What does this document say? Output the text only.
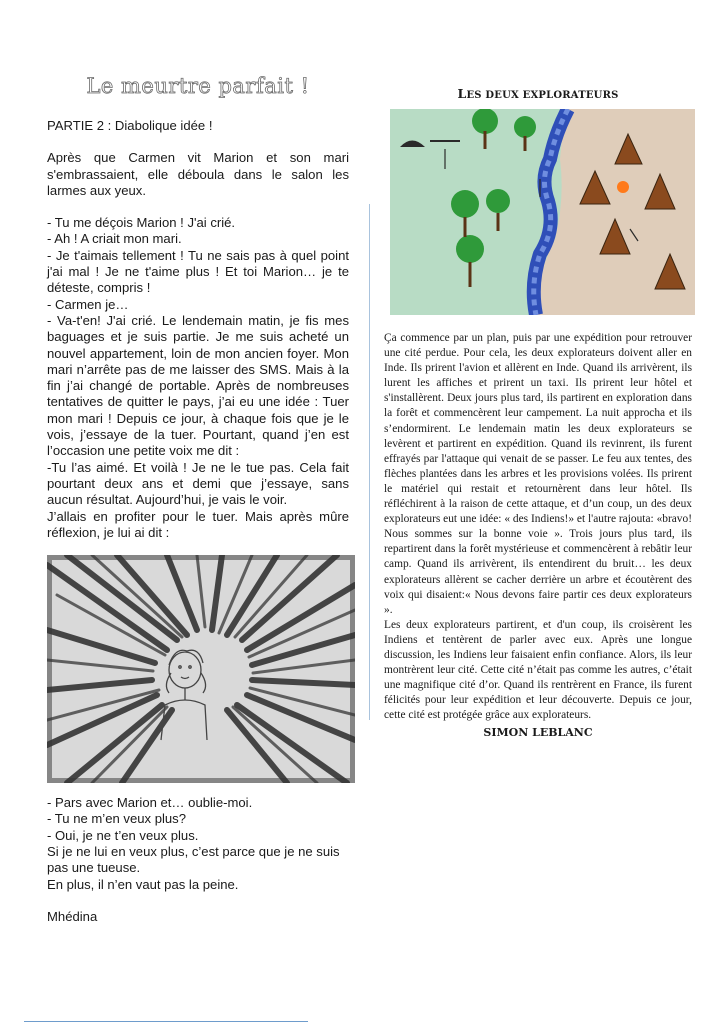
Le meurtre parfait !

PARTIE 2 : Diabolique idée !

Après que Carmen vit Marion et son mari s'embrassaient, elle déboula dans le salon les larmes aux yeux.

- Tu me déçois Marion ! J'ai crié.

- Ah ! A criait mon mari.

- Je t'aimais tellement ! Tu ne sais pas à quel point j'ai mal ! Je ne t'aime plus ! Et toi Marion… je te déteste, compris !

- Carmen je…

- Va-t'en! J'ai crié. Le lendemain matin, je fis mes baguages et je suis partie. Je me suis acheté un nouvel appartement, loin de mon ancien foyer. Mon mari n’arrête pas de me laisser des SMS. Mais à la fin j’ai changé de portable. Après de nombreuses tentatives de quitter le pays, j’ai eu une idée : Tuer mon mari ! Depuis ce jour, à chaque fois que je le vois, j’essaye de la tuer. Pourtant, quand j’en est l’occasion une petite voix me dit :

-Tu l’as aimé. Et voilà ! Je ne le tue pas. Cela fait pourtant deux ans et demi que j’essaye, sans aucun résultat. Aujourd’hui, je vais le voir.

J’allais en profiter pour le tuer. Mais après mûre réflexion, je lui ai dit :

- Pars avec Marion et… oublie-moi.

- Tu ne m’en veux plus?

- Oui, je ne t’en veux plus.

Si je ne lui en veux plus, c’est parce que je ne suis pas une tueuse.

En plus, il n’en vaut pas la peine.

Mhédina

LES DEUX EXPLORATEURS

Ça commence par un plan, puis par une expédition pour retrouver une cité perdue. Pour cela, les deux explorateurs doivent aller en Inde. Ils prirent l'avion et allèrent en Inde. Quand ils arrivèrent, ils lurent les affiches et prirent un taxi. Ils prirent leur hôtel et s'installèrent. Deux jours plus tard, ils partirent en exploration dans la forêt et commencèrent leur campement. La nuit approcha et ils s’endormirent. Le lendemain matin les deux explorateurs se levèrent et partirent en expédition. Quand ils revinrent, ils furent effrayés par l'attaque qui venait de se passer. Le feu aux tentes, des flèches plantées dans les arbres et les provisions volées. Ils prirent le matériel qui restait et retournèrent dans leur hôtel. Ils réfléchirent à la raison de cette attaque, et d’un coup, un des deux explorateurs eut une idée: « des Indiens!» et l'autre rajouta: «bravo! Nous sommes sur la bonne voie ». Trois jours plus tard, ils repartirent dans la forêt mystérieuse et commencèrent à rebâtir leur camp. Quand ils arrivèrent, ils entendirent du bruit… les deux explorateurs allèrent se cacher derrière un arbre et écoutèrent des voix qui disaient:« Nous devons faire partir ces deux explorateurs ».

Les deux explorateurs partirent, et d'un coup, ils croisèrent les Indiens et tentèrent de parler avec eux. Après une longue discussion, les Indiens leur faisaient enfin confiance. Alors, ils leur montrèrent leur cité. Cette cité n’était pas comme les autres, c’était une magnifique cité d’or. Quand ils rentrèrent en France, ils furent félicités pour leur expédition et leur découverte. Depuis ce jour, cette cité est protégée grâce aux explorateurs.

SIMON LEBLANC
